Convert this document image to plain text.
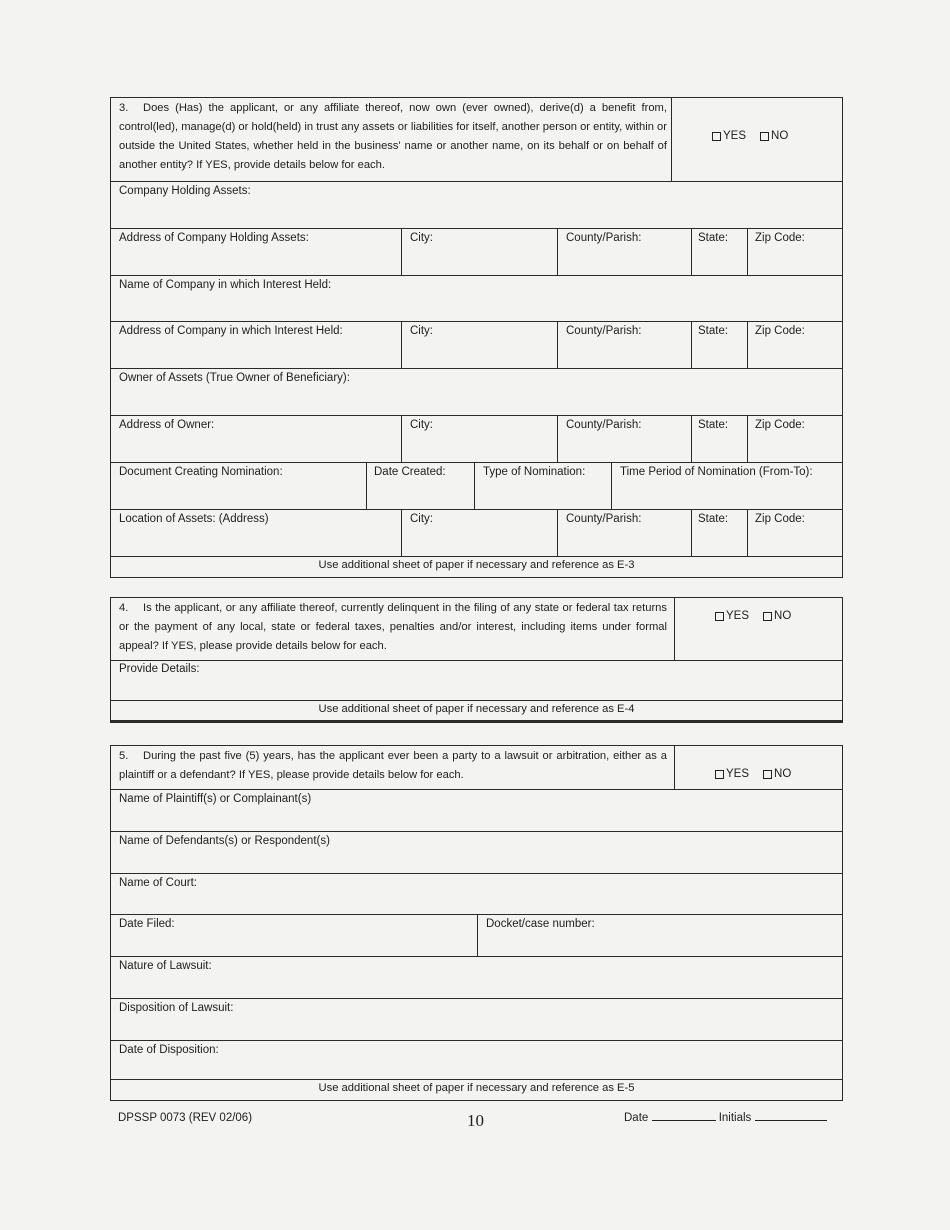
3. Does (Has) the applicant, or any affiliate thereof, now own (ever owned), derive(d) a benefit from, control(led), manage(d) or hold(held) in trust any assets or liabilities for itself, another person or entity, within or outside the United States, whether held in the business' name or another name, on its behalf or on behalf of another entity? If YES, provide details below for each.
YES NO
Company Holding Assets:
Address of Company Holding Assets:	City:	County/Parish:	State: Zip Code:
Name of Company in which Interest Held:
Address of Company in which Interest Held:	City:	County/Parish:	State: Zip Code:
Owner of Assets (True Owner of Beneficiary):
Address of Owner:	City:	County/Parish:	State: Zip Code:
Document Creating Nomination:	Date Created:	Type of Nomination:	Time Period of Nomination (From-To):
Location of Assets: (Address)	City:	County/Parish:	State: Zip Code:
Use additional sheet of paper if necessary and reference as E-3
4. Is the applicant, or any affiliate thereof, currently delinquent in the filing of any state or federal tax returns or the payment of any local, state or federal taxes, penalties and/or interest, including items under formal appeal? If YES, please provide details below for each.
YES NO
Provide Details:
Use additional sheet of paper if necessary and reference as E-4
5. During the past five (5) years, has the applicant ever been a party to a lawsuit or arbitration, either as a plaintiff or a defendant? If YES, please provide details below for each.	YES NO
Name of Plaintiff(s) or Complainant(s)
Name of Defendants(s) or Respondent(s)
Name of Court:
Date Filed:	Docket/case number:
Nature of Lawsuit:
Disposition of Lawsuit:
Date of Disposition:
Use additional sheet of paper if necessary and reference as E-5
DPSSP 0073 (REV 02/06)	10	Date	Initials
